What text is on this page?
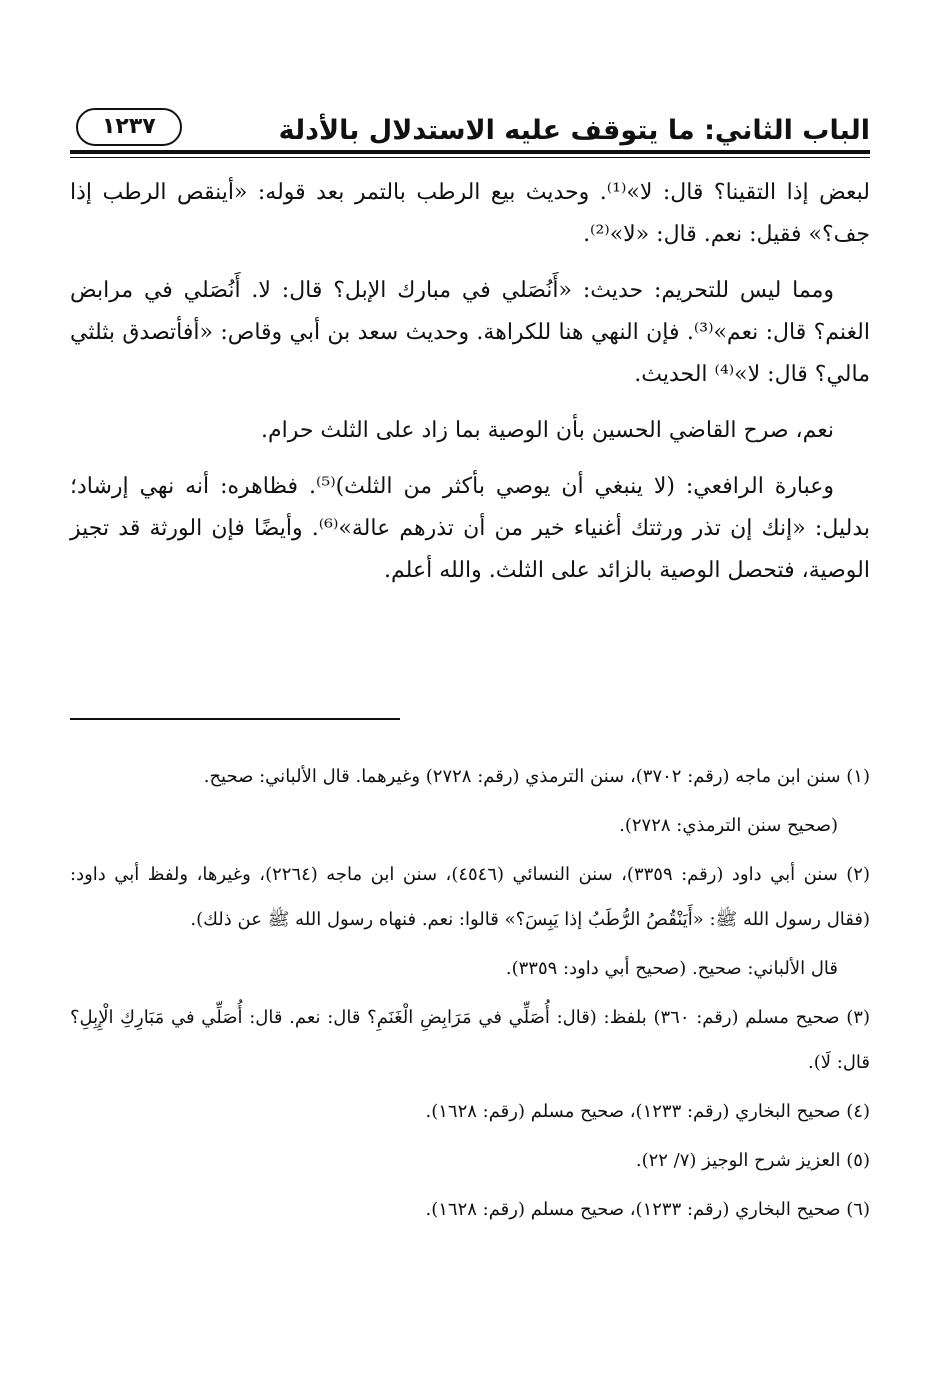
الباب الثاني: ما يتوقف عليه الاستدلال بالأدلة
١٢٣٧

لبعض إذا التقينا؟ قال: لا»⁽¹⁾. وحديث بيع الرطب بالتمر بعد قوله: «أينقص الرطب إذا جف؟» فقيل: نعم. قال: «لا»⁽²⁾.

ومما ليس للتحريم: حديث: «أَنُصَلي في مبارك الإبل؟ قال: لا. أَنُصَلي في مرابض الغنم؟ قال: نعم»⁽³⁾. فإن النهي هنا للكراهة. وحديث سعد بن أبي وقاص: «أفأتصدق بثلثي مالي؟ قال: لا»⁽⁴⁾ الحديث.

نعم، صرح القاضي الحسين بأن الوصية بما زاد على الثلث حرام.

وعبارة الرافعي: (لا ينبغي أن يوصي بأكثر من الثلث)⁽⁵⁾. فظاهره: أنه نهي إرشاد؛ بدليل: «إنك إن تذر ورثتك أغنياء خير من أن تذرهم عالة»⁽⁶⁾. وأيضًا فإن الورثة قد تجيز الوصية، فتحصل الوصية بالزائد على الثلث. والله أعلم.

(١) سنن ابن ماجه (رقم: ٣٧٠٢)، سنن الترمذي (رقم: ٢٧٢٨) وغيرهما. قال الألباني: صحيح.

(صحيح سنن الترمذي: ٢٧٢٨).

(٢) سنن أبي داود (رقم: ٣٣٥٩)، سنن النسائي (٤٥٤٦)، سنن ابن ماجه (٢٢٦٤)، وغيرها، ولفظ أبي داود: (فقال رسول الله ﷺ: «أَيَنْقُصُ الرُّطَبُ إذا يَبِسَ؟» قالوا: نعم. فنهاه رسول الله ﷺ عن ذلك).

قال الألباني: صحيح. (صحيح أبي داود: ٣٣٥٩).

(٣) صحيح مسلم (رقم: ٣٦٠) بلفظ: (قال: أُصَلِّي في مَرَابِضِ الْغَنَمِ؟ قال: نعم. قال: أُصَلِّي في مَبَارِكِ الْإِبِلِ؟ قال: لَا).

(٤) صحيح البخاري (رقم: ١٢٣٣)، صحيح مسلم (رقم: ١٦٢٨).

(٥) العزيز شرح الوجيز (٧/ ٢٢).

(٦) صحيح البخاري (رقم: ١٢٣٣)، صحيح مسلم (رقم: ١٦٢٨).
